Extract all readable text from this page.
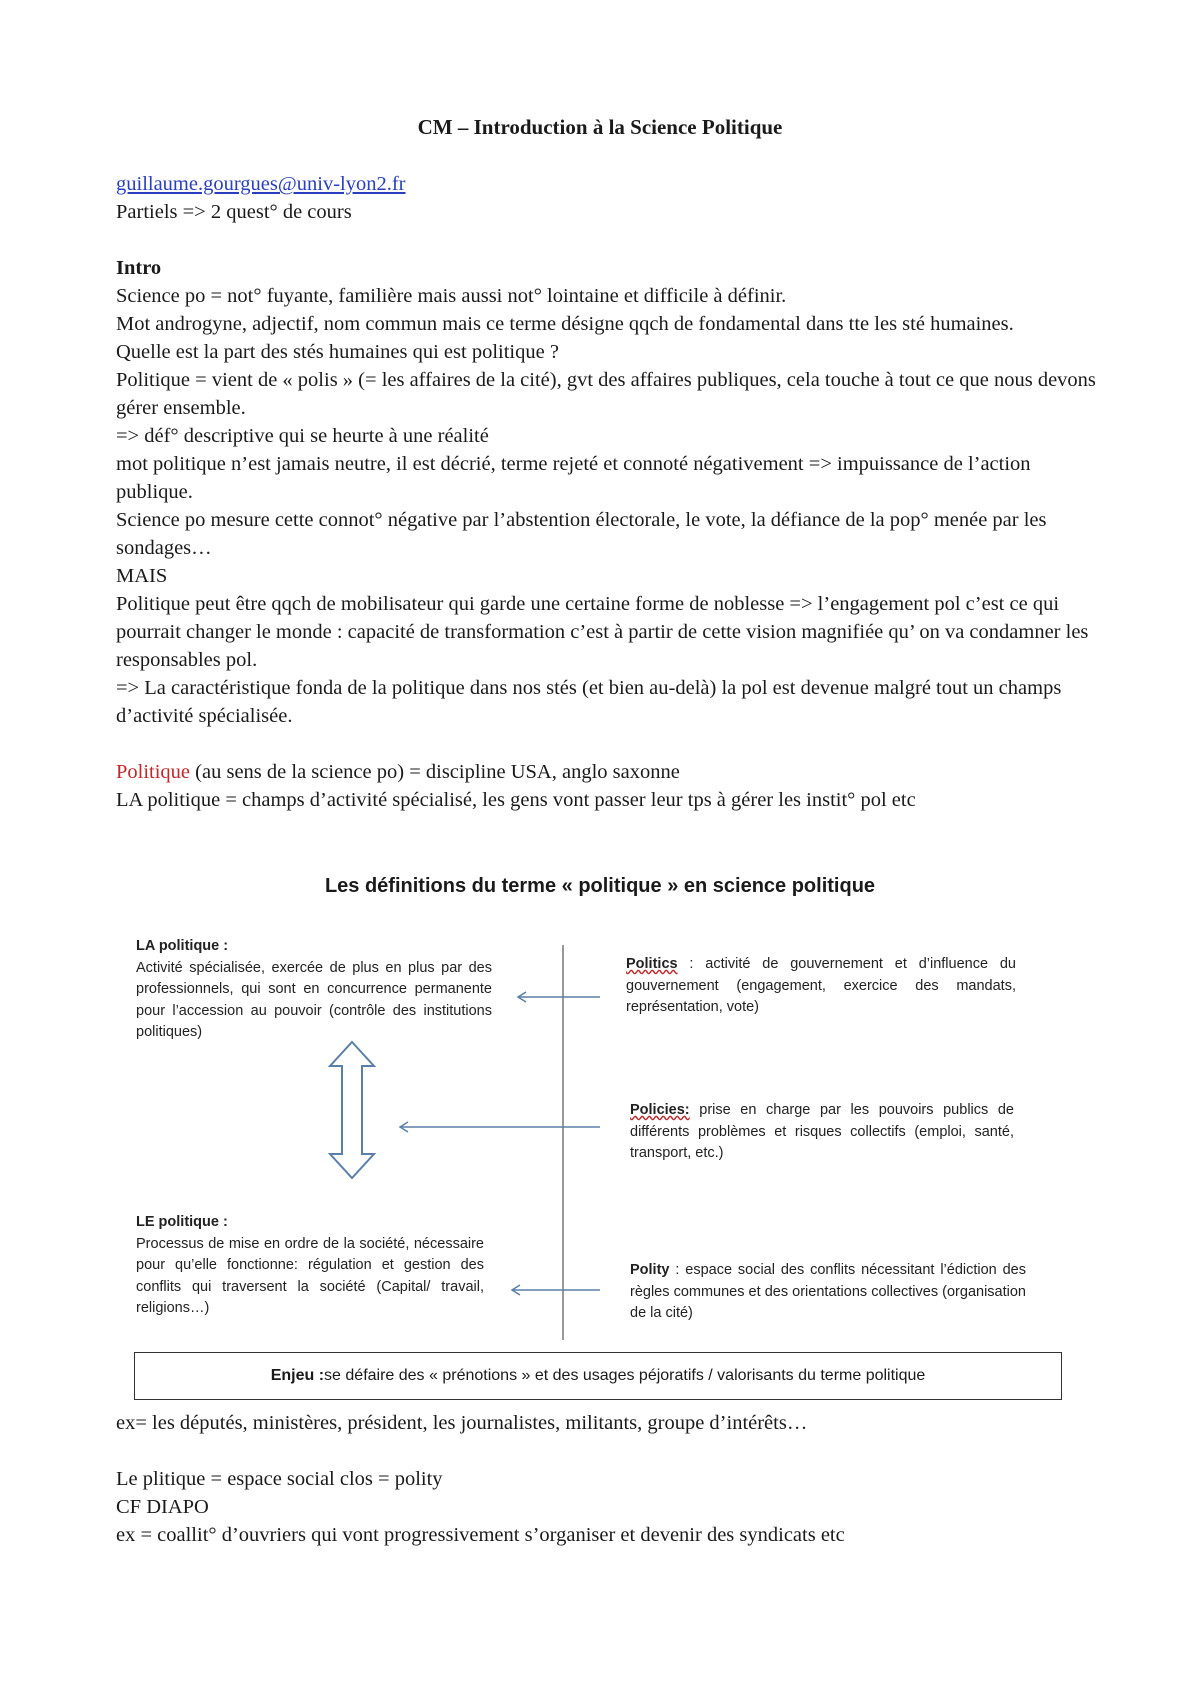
CM – Introduction à la Science Politique

guillaume.gourgues@univ-lyon2.fr

Partiels => 2 quest° de cours

Intro

Science po = not° fuyante, familière mais aussi not° lointaine et difficile à définir.

Mot androgyne, adjectif, nom commun mais ce terme désigne qqch de fondamental dans tte les sté humaines.

Quelle est la part des stés humaines qui est politique ?

Politique = vient de « polis » (= les affaires de la cité), gvt des affaires publiques, cela touche à tout ce que nous devons gérer ensemble.

=> déf° descriptive qui se heurte à une réalité

mot politique n’est jamais neutre, il est décrié, terme rejeté et connoté négativement => impuissance de l’action publique.

Science po mesure cette connot° négative par l’abstention électorale, le vote, la défiance de la pop° menée par les sondages…

MAIS

Politique peut être qqch de mobilisateur qui garde une certaine forme de noblesse => l’engagement pol c’est ce qui pourrait changer le monde : capacité de transformation c’est à partir de cette vision magnifiée qu’ on va condamner les responsables pol.

=> La caractéristique fonda de la politique dans nos stés (et bien au-delà) la pol est devenue malgré tout un champs d’activité spécialisée.

Politique (au sens de la science po) = discipline USA, anglo saxonne

LA politique = champs d’activité spécialisé, les gens vont passer leur tps à gérer les instit° pol etc

Les définitions du terme « politique » en science politique
LA politique :
Activité spécialisée, exercée de plus en plus par des professionnels, qui sont en concurrence permanente pour l’accession au pouvoir (contrôle des institutions politiques)
LE politique :
Processus de mise en ordre de la société, nécessaire pour qu’elle fonctionne: régulation et gestion des conflits qui traversent la société (Capital/ travail, religions…)
Politics : activité de gouvernement et d’influence du gouvernement (engagement, exercice des mandats, représentation, vote)
Policies: prise en charge par les pouvoirs publics de différents problèmes et risques collectifs (emploi, santé, transport, etc.)
Polity : espace social des conflits nécessitant l’édiction des règles communes et des orientations collectives (organisation de la cité)
Enjeu : se défaire des « prénotions » et des usages péjoratifs / valorisants du terme politique

ex= les députés, ministères, président, les journalistes, militants, groupe d’intérêts…

Le plitique = espace social clos = polity

CF DIAPO

ex = coallit° d’ouvriers qui vont progressivement s’organiser et devenir des syndicats etc
